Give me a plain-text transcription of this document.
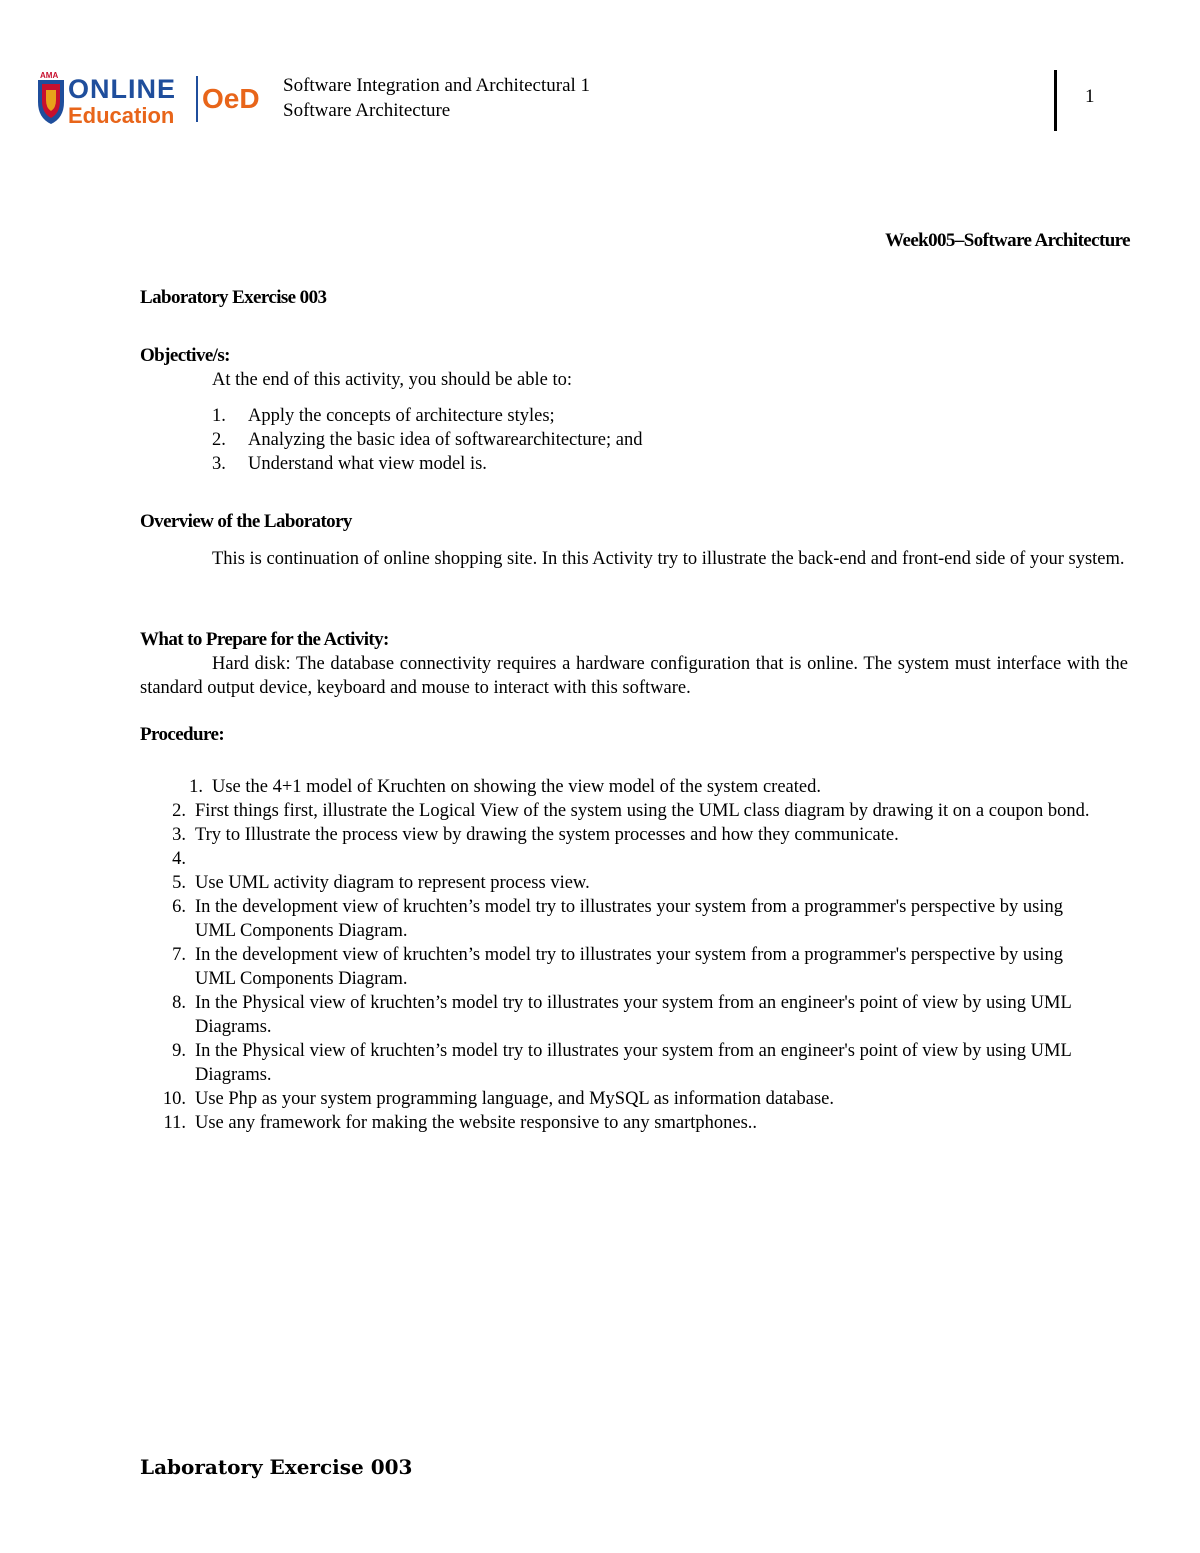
AMA ONLINE
Education
OeD Software Integration and Architectural 1
Software Architecture
1
Week005–Software Architecture
Laboratory Exercise 003
Objective/s:
At the end of this activity, you should be able to:
1. Apply the concepts of architecture styles;
2. Analyzing the basic idea of softwarearchitecture; and
3. Understand what view model is.
Overview of the Laboratory
This is continuation of online shopping site. In this Activity try to illustrate the back-end and front-end side of your system.
What to Prepare for the Activity:
Hard disk: The database connectivity requires a hardware configuration that is online. The system must interface with the standard output device, keyboard and mouse to interact with this software.
Procedure:
1. Use the 4+1 model of Kruchten on showing the view model of the system created.
2. First things first, illustrate the Logical View of the system using the UML class diagram by drawing it on a coupon bond.
3. Try to Illustrate the process view by drawing the system processes and how they communicate.
4.
5. Use UML activity diagram to represent process view.
6. In the development view of kruchten’s model try to illustrates your system from a programmer's perspective by using UML Components Diagram.
7. In the development view of kruchten’s model try to illustrates your system from a programmer's perspective by using UML Components Diagram.
8. In the Physical view of kruchten’s model try to illustrates your system from an engineer's point of view by using UML Diagrams.
9. In the Physical view of kruchten’s model try to illustrates your system from an engineer's point of view by using UML Diagrams.
10. Use Php as your system programming language, and MySQL as information database.
11. Use any framework for making the website responsive to any smartphones..
Laboratory Exercise 003
